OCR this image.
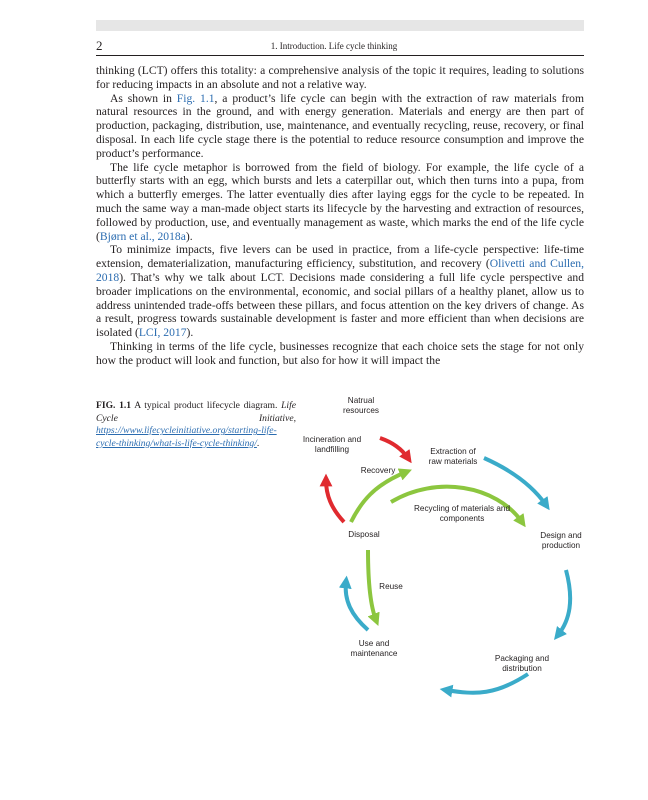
2	1. Introduction. Life cycle thinking

thinking (LCT) offers this totality: a comprehensive analysis of the topic it requires, leading to solutions for reducing impacts in an absolute and not a relative way.

As shown in Fig. 1.1, a product’s life cycle can begin with the extraction of raw materials from natural resources in the ground, and with energy generation. Materials and energy are then part of production, packaging, distribution, use, maintenance, and eventually recycling, reuse, recovery, or final disposal. In each life cycle stage there is the potential to reduce resource consumption and improve the product’s performance.

The life cycle metaphor is borrowed from the field of biology. For example, the life cycle of a butterfly starts with an egg, which bursts and lets a caterpillar out, which then turns into a pupa, from which a butterfly emerges. The latter eventually dies after laying eggs for the cycle to be repeated. In much the same way a man-made object starts its lifecycle by the harvesting and extraction of resources, followed by production, use, and eventually management as waste, which marks the end of the life cycle (Bjørn et al., 2018a).

To minimize impacts, five levers can be used in practice, from a life-cycle perspective: life-time extension, dematerialization, manufacturing efficiency, substitution, and recovery (Olivetti and Cullen, 2018). That’s why we talk about LCT. Decisions made considering a full life cycle perspective and broader implications on the environmental, economic, and social pillars of a healthy planet, allow us to address unintended trade-offs between these pillars, and focus attention on the key drivers of change. As a result, progress towards sustainable development is faster and more efficient than when decisions are isolated (LCI, 2017).

Thinking in terms of the life cycle, businesses recognize that each choice sets the stage for not only how the product will look and function, but also for how it will impact the

FIG. 1.1 A typical product lifecycle diagram. Life Cycle Initiative, https://www.lifecycleinitiative.org/starting-life-cycle-thinking/what-is-life-cycle-thinking/.
Natrual resources
Incineration and landfilling	Extraction of raw materials
Recovery
Recycling of materials and components
Disposal	Design and production
Reuse
Use and maintenance
Packaging and distribution
